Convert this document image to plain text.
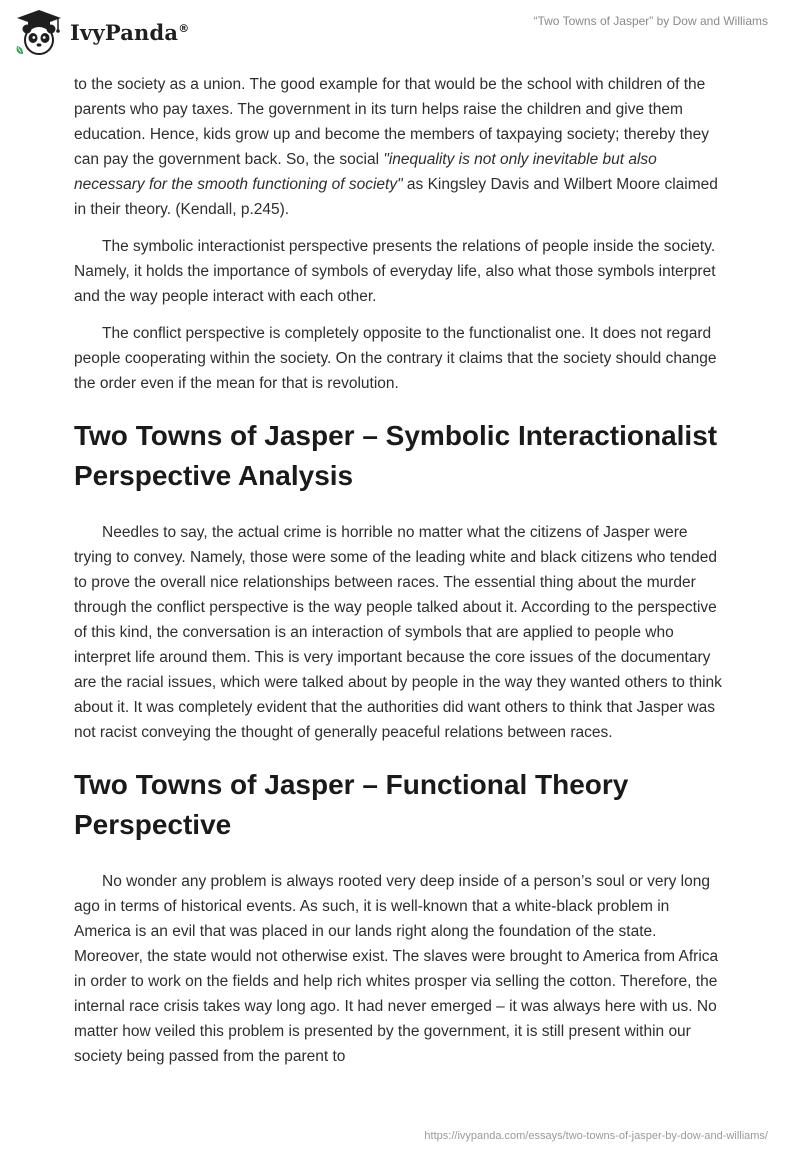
IvyPanda®	“Two Towns of Jasper” by Dow and Williams

to the society as a union. The good example for that would be the school with children of the parents who pay taxes. The government in its turn helps raise the children and give them education. Hence, kids grow up and become the members of taxpaying society; thereby they can pay the government back. So, the social "inequality is not only inevitable but also necessary for the smooth functioning of society" as Kingsley Davis and Wilbert Moore claimed in their theory. (Kendall, p.245).

The symbolic interactionist perspective presents the relations of people inside the society. Namely, it holds the importance of symbols of everyday life, also what those symbols interpret and the way people interact with each other.

The conflict perspective is completely opposite to the functionalist one. It does not regard people cooperating within the society. On the contrary it claims that the society should change the order even if the mean for that is revolution.

Two Towns of Jasper – Symbolic Interactionalist Perspective Analysis

Needles to say, the actual crime is horrible no matter what the citizens of Jasper were trying to convey. Namely, those were some of the leading white and black citizens who tended to prove the overall nice relationships between races. The essential thing about the murder through the conflict perspective is the way people talked about it. According to the perspective of this kind, the conversation is an interaction of symbols that are applied to people who interpret life around them. This is very important because the core issues of the documentary are the racial issues, which were talked about by people in the way they wanted others to think about it. It was completely evident that the authorities did want others to think that Jasper was not racist conveying the thought of generally peaceful relations between races.

Two Towns of Jasper – Functional Theory Perspective

No wonder any problem is always rooted very deep inside of a person’s soul or very long ago in terms of historical events. As such, it is well-known that a white-black problem in America is an evil that was placed in our lands right along the foundation of the state. Moreover, the state would not otherwise exist. The slaves were brought to America from Africa in order to work on the fields and help rich whites prosper via selling the cotton. Therefore, the internal race crisis takes way long ago. It had never emerged – it was always here with us. No matter how veiled this problem is presented by the government, it is still present within our society being passed from the parent to

https://ivypanda.com/essays/two-towns-of-jasper-by-dow-and-williams/
